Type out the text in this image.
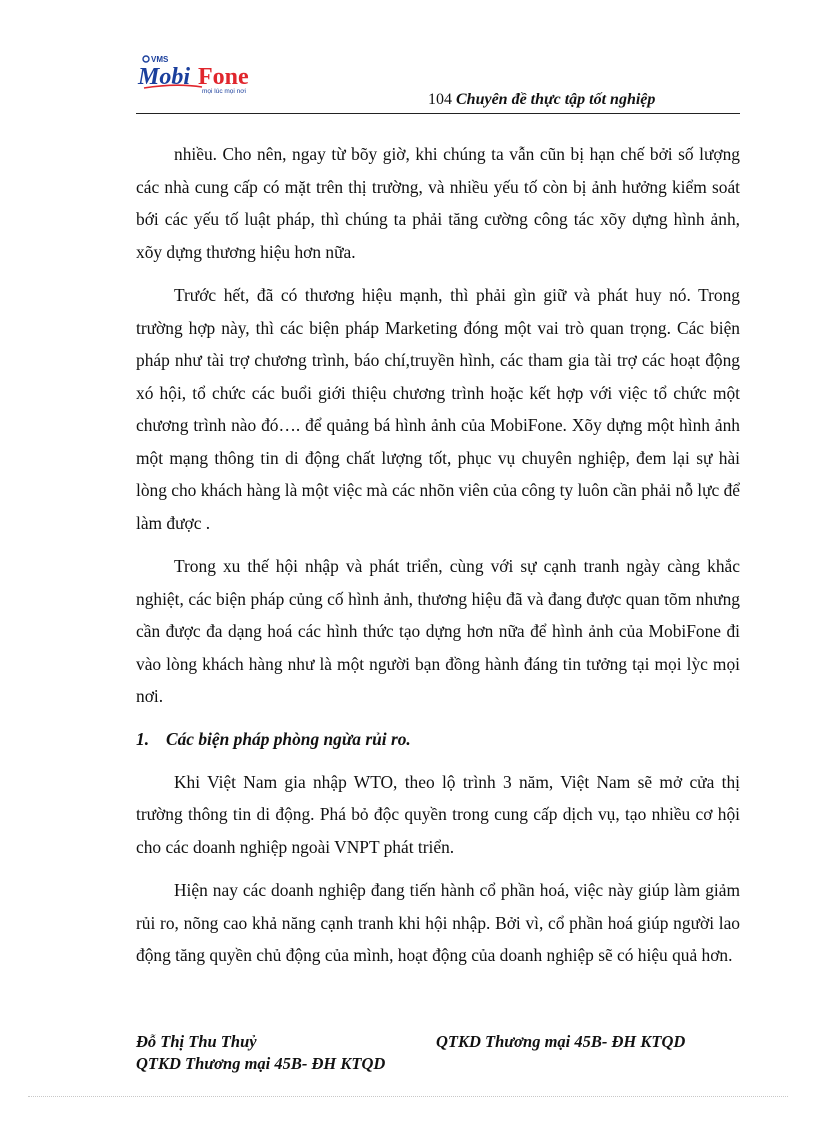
VMS
Mobi Fone
mọi lúc mọi nơi	104 Chuyên đề thực tập tốt nghiệp

nhiều. Cho nên, ngay từ bõy giờ, khi chúng ta vẫn cũn bị hạn chế bởi số lượng các nhà cung cấp có mặt trên thị trường, và nhiều yếu tố còn bị ảnh hưởng kiểm soát bới các yếu tố luật pháp, thì chúng ta phải tăng cường công tác xõy dựng hình ảnh, xõy dựng thương hiệu hơn nữa.

Trước hết, đã có thương hiệu mạnh, thì phải gìn giữ và phát huy nó. Trong trường hợp này, thì các biện pháp Marketing đóng một vai trò quan trọng. Các biện pháp như tài trợ chương trình, báo chí,truyền hình, các tham gia tài trợ các hoạt động xó hội, tổ chức các buổi giới thiệu chương trình hoặc kết hợp với việc tổ chức một chương trình nào đó…. để quảng bá hình ảnh của MobiFone. Xõy dựng một hình ảnh một mạng thông tin di động chất lượng tốt, phục vụ chuyên nghiệp, đem lại sự hài lòng cho khách hàng là một việc mà các nhõn viên của công ty luôn cần phải nỗ lực để làm được .

Trong xu thế hội nhập và phát triển, cùng với sự cạnh tranh ngày càng khắc nghiệt, các biện pháp củng cố hình ảnh, thương hiệu đã và đang được quan tõm nhưng cần được đa dạng hoá các hình thức tạo dựng hơn nữa để hình ảnh của MobiFone đi vào lòng khách hàng như là một người bạn đồng hành đáng tin tưởng tại mọi lỳc mọi nơi.

1. Các biện pháp phòng ngừa rủi ro.

Khi Việt Nam gia nhập WTO, theo lộ trình 3 năm, Việt Nam sẽ mở cửa thị trường thông tin di động. Phá bỏ độc quyền trong cung cấp dịch vụ, tạo nhiều cơ hội cho các doanh nghiệp ngoài VNPT phát triển.

Hiện nay các doanh nghiệp đang tiến hành cổ phần hoá, việc này giúp làm giảm rủi ro, nõng cao khả năng cạnh tranh khi hội nhập. Bởi vì, cổ phần hoá giúp người lao động tăng quyền chủ động của mình, hoạt động của doanh nghiệp sẽ có hiệu quả hơn.

Đỗ Thị Thu Thuỷ	QTKD Thương mại 45B- ĐH KTQD
QTKD Thương mại 45B- ĐH KTQD
